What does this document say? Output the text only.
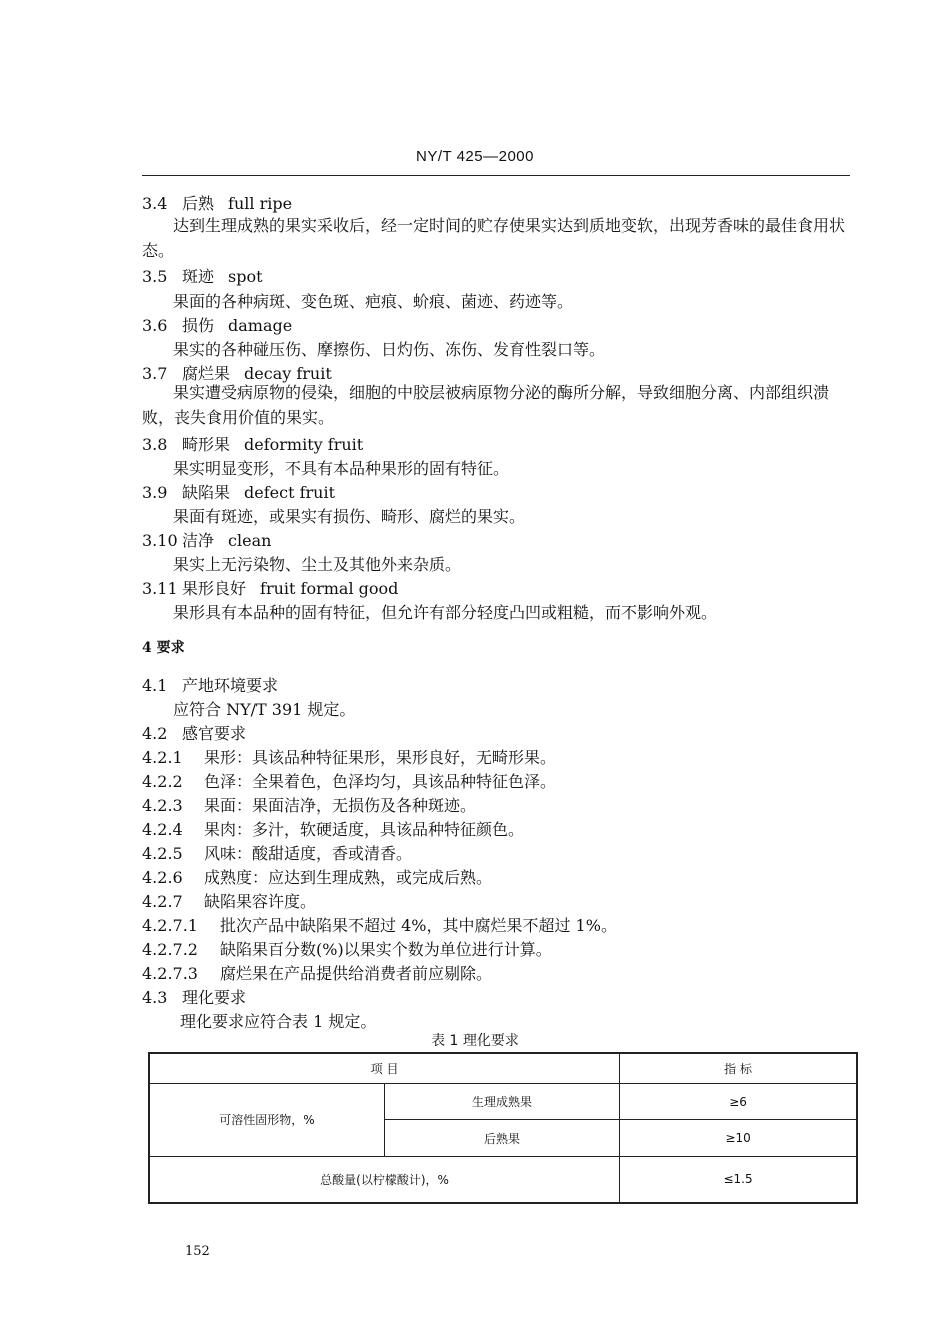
NY/T 425—2000
3.4 后熟 full ripe
达到生理成熟的果实采收后，经一定时间的贮存使果实达到质地变软，出现芳香味的最佳食用状态。
3.5 斑迹 spot
果面的各种病斑、变色斑、疤痕、蚧痕、菌迹、药迹等。
3.6 损伤 damage
果实的各种碰压伤、摩擦伤、日灼伤、冻伤、发育性裂口等。
3.7 腐烂果 decay fruit
果实遭受病原物的侵染，细胞的中胶层被病原物分泌的酶所分解，导致细胞分离、内部组织溃败，丧失食用价值的果实。
3.8 畸形果 deformity fruit
果实明显变形，不具有本品种果形的固有特征。
3.9 缺陷果 defect fruit
果面有斑迹，或果实有损伤、畸形、腐烂的果实。
3.10 洁净 clean
果实上无污染物、尘土及其他外来杂质。
3.11 果形良好 fruit formal good
果形具有本品种的固有特征，但允许有部分轻度凸凹或粗糙，而不影响外观。
4 要求
4.1 产地环境要求
应符合 NY/T 391 规定。
4.2 感官要求
4.2.1 果形：具该品种特征果形，果形良好，无畸形果。
4.2.2 色泽：全果着色，色泽均匀，具该品种特征色泽。
4.2.3 果面：果面洁净，无损伤及各种斑迹。
4.2.4 果肉：多汁，软硬适度，具该品种特征颜色。
4.2.5 风味：酸甜适度，香或清香。
4.2.6 成熟度：应达到生理成熟，或完成后熟。
4.2.7 缺陷果容许度。
4.2.7.1 批次产品中缺陷果不超过 4%，其中腐烂果不超过 1%。
4.2.7.2 缺陷果百分数(%)以果实个数为单位进行计算。
4.2.7.3 腐烂果在产品提供给消费者前应剔除。
4.3 理化要求
理化要求应符合表 1 规定。
表 1 理化要求
项 目		指 标
可溶性固形物，%	生理成熟果	≥6
	后熟果	≥10
总酸量(以柠檬酸计)，%		≤1.5
152
